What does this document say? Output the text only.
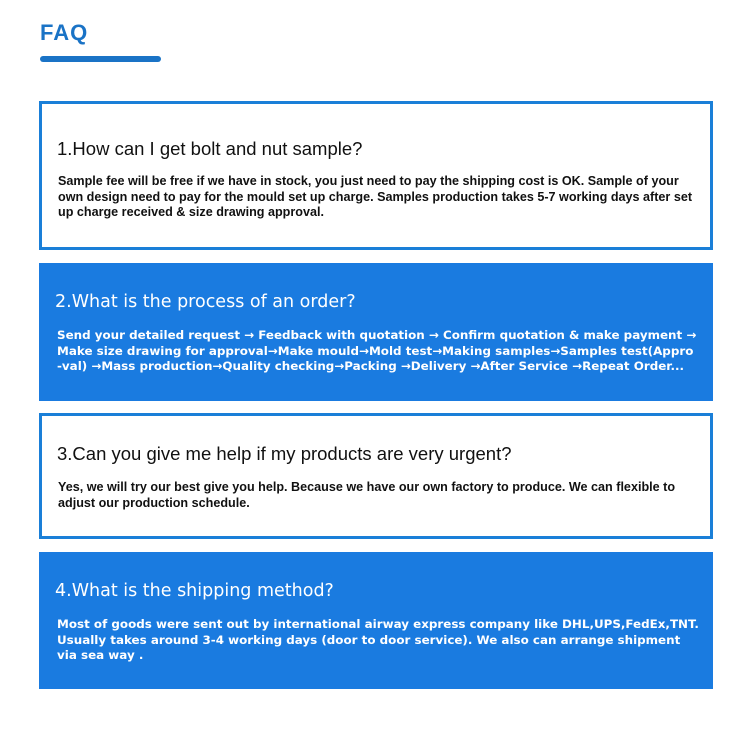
FAQ
1.How can I get bolt and nut sample?
Sample fee will be free if we have in stock, you just need to pay the shipping cost is OK. Sample of your own design need to pay for the mould set up charge. Samples production takes 5-7 working days after set up charge received & size drawing approval.
2.What is the process of an order?
Send your detailed request → Feedback with quotation → Confirm quotation & make payment → Make size drawing for approval→Make mould→Mold test→Making samples→Samples test(Appro -val) →Mass production→Quality checking→Packing →Delivery →After Service →Repeat Order...
3.Can you give me help if my products are very urgent?
Yes, we will try our best give you help. Because we have our own factory to produce. We can flexible to adjust our production schedule.
4.What is the shipping method?
Most of goods were sent out by international airway express company like DHL,UPS,FedEx,TNT. Usually takes around 3-4 working days (door to door service). We also can arrange shipment via sea way .
